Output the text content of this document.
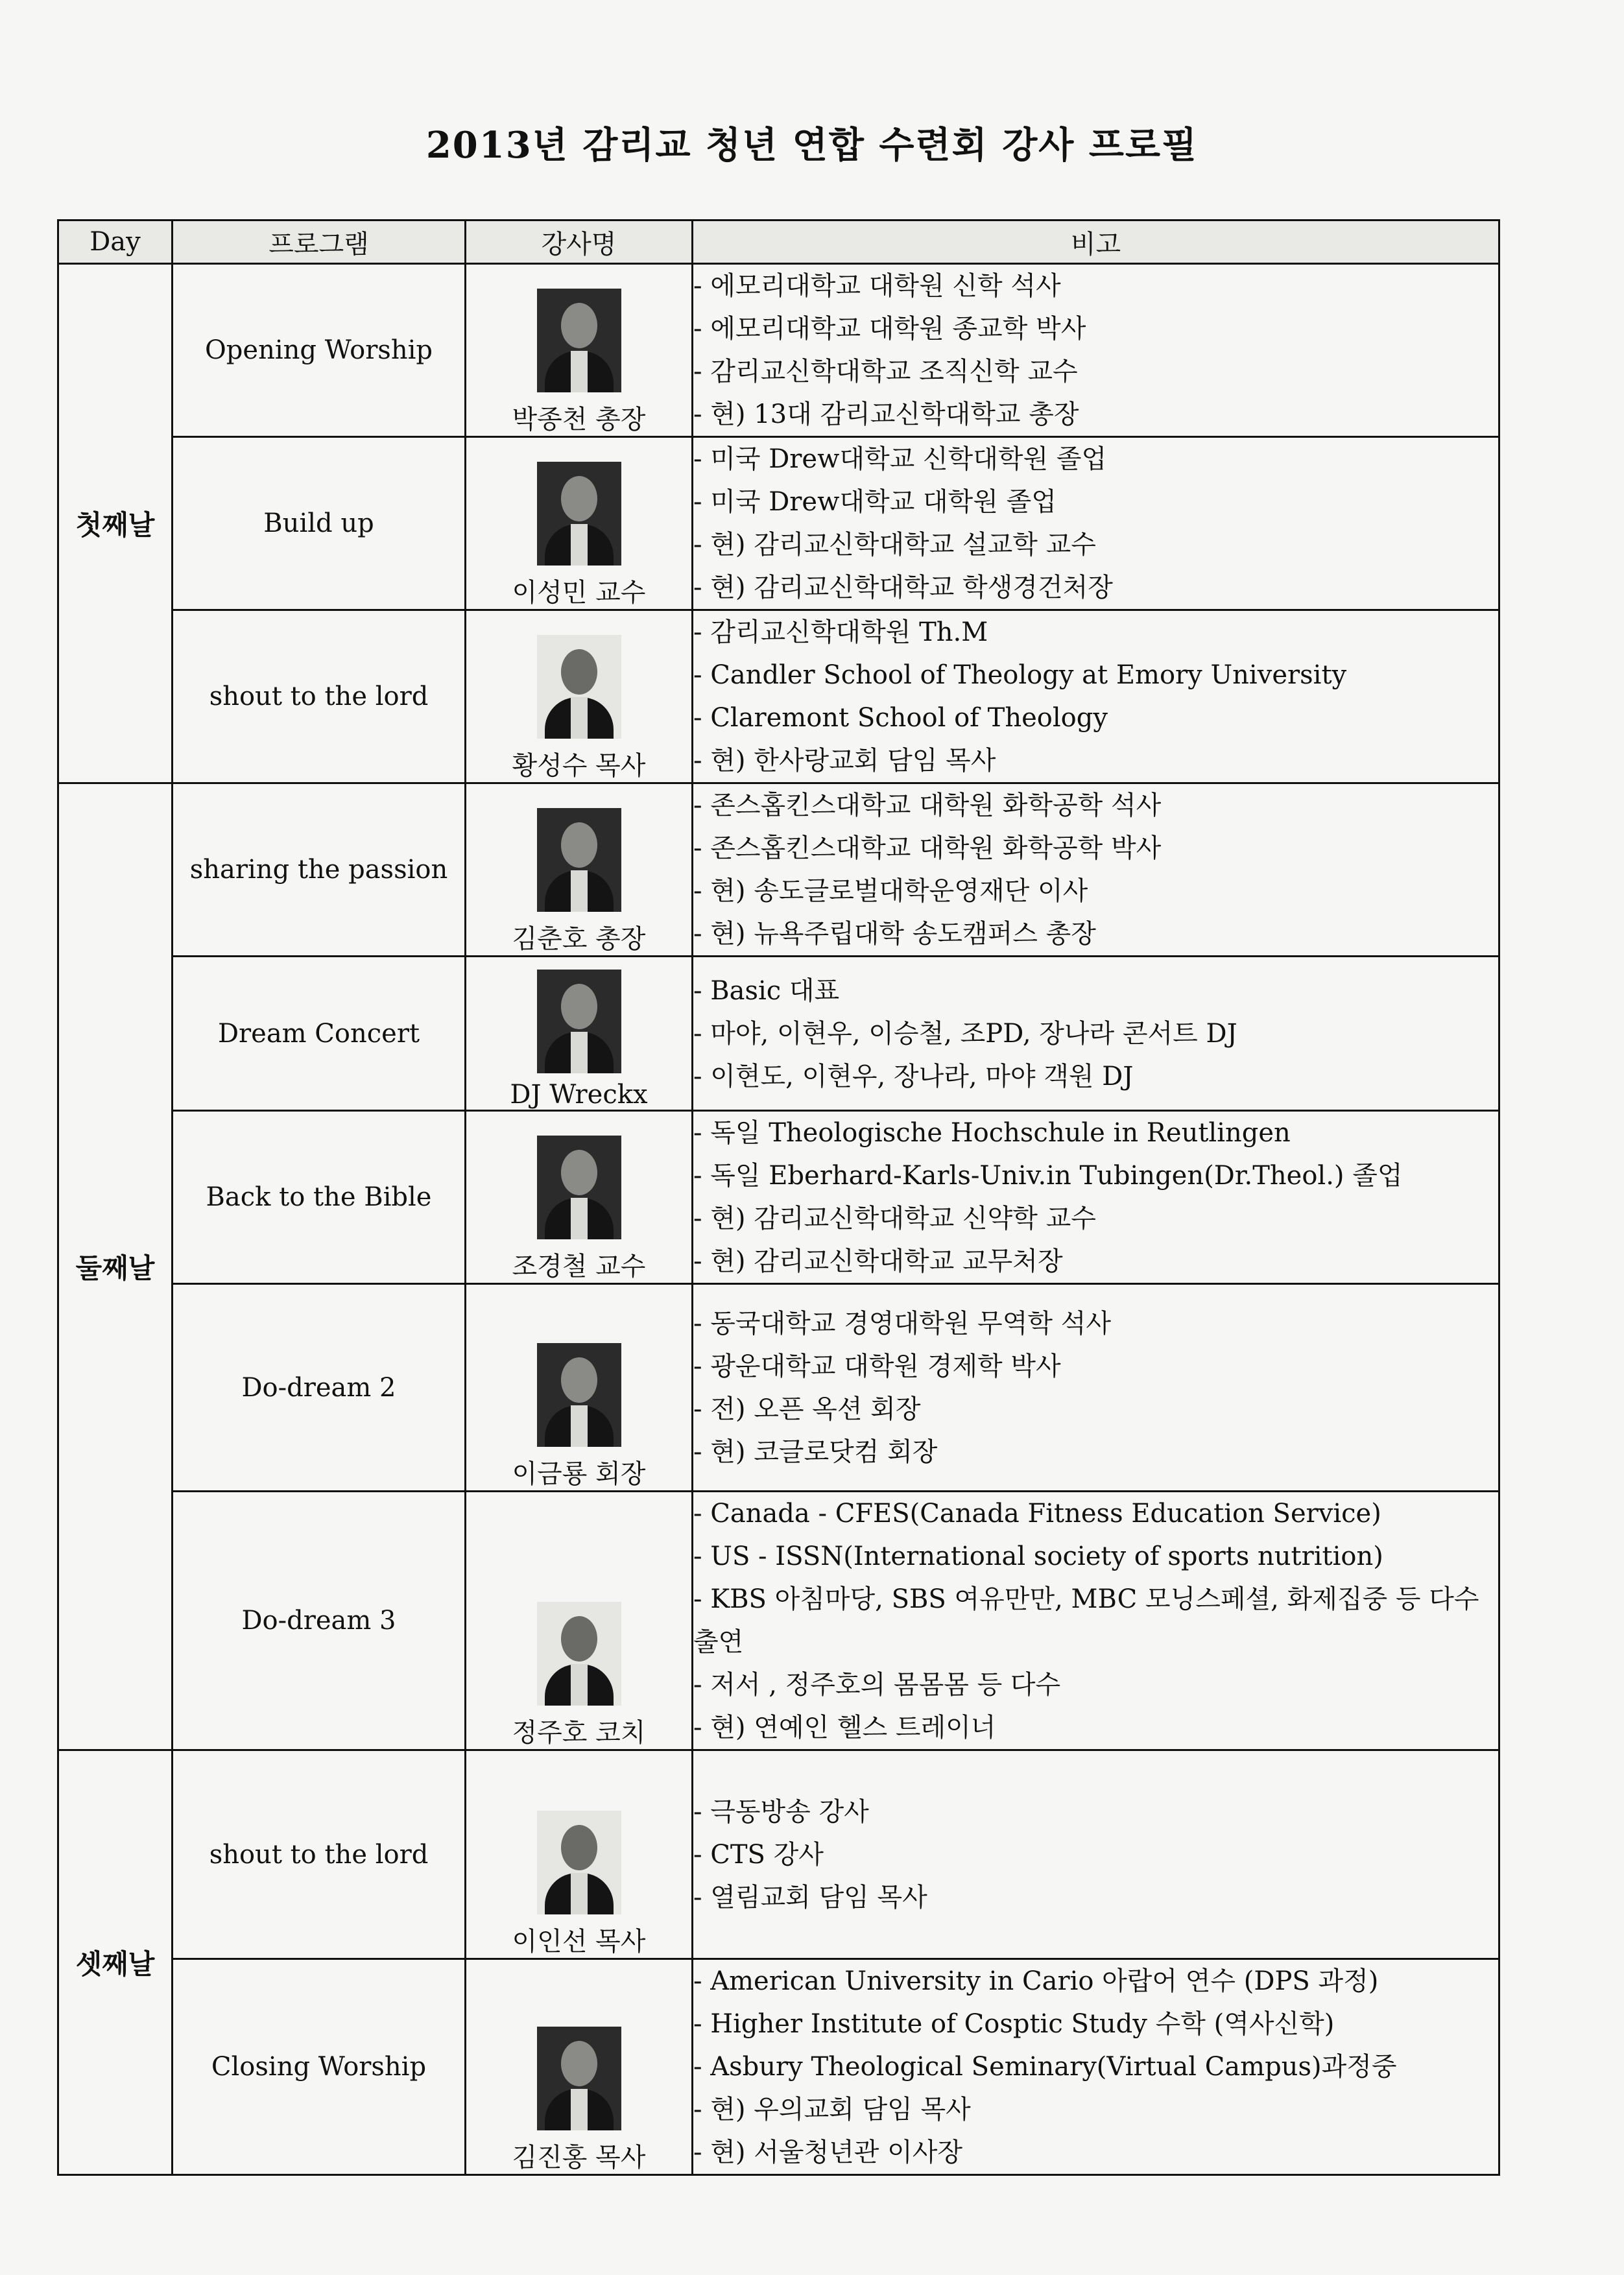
2013년 감리교 청년 연합 수련회 강사 프로필
Day	프로그램	강사명	비고
첫째날	Opening Worship	박종천 총장	- 에모리대학교 대학원 신학 석사
- 에모리대학교 대학원 종교학 박사
- 감리교신학대학교 조직신학 교수
- 현) 13대 감리교신학대학교 총장

	Build up	이성민 교수	- 미국 Drew대학교 신학대학원 졸업
- 미국 Drew대학교 대학원 졸업
- 현) 감리교신학대학교 설교학 교수
- 현) 감리교신학대학교 학생경건처장

	shout to the lord	황성수 목사	- 감리교신학대학원 Th.M
- Candler School of Theology at Emory University
- Claremont School of Theology
- 현) 한사랑교회 담임 목사

둘째날	sharing the passion	김춘호 총장	- 존스홉킨스대학교 대학원 화학공학 석사
- 존스홉킨스대학교 대학원 화학공학 박사
- 현) 송도글로벌대학운영재단 이사
- 현) 뉴욕주립대학 송도캠퍼스 총장

	Dream Concert	DJ Wreckx	- Basic 대표
- 마야, 이현우, 이승철, 조PD, 장나라 콘서트 DJ
- 이현도, 이현우, 장나라, 마야 객원 DJ

	Back to the Bible	조경철 교수	- 독일 Theologische Hochschule in Reutlingen
- 독일 Eberhard-Karls-Univ.in Tubingen(Dr.Theol.) 졸업
- 현) 감리교신학대학교 신약학 교수
- 현) 감리교신학대학교 교무처장

	Do-dream 2	이금룡 회장	- 동국대학교 경영대학원 무역학 석사
- 광운대학교 대학원 경제학 박사
- 전) 오픈 옥션 회장
- 현) 코글로닷컴 회장

	Do-dream 3	정주호 코치	- Canada - CFES(Canada Fitness Education Service)
- US - ISSN(International society of sports nutrition)
- KBS 아침마당, SBS 여유만만, MBC 모닝스페셜, 화제집중 등 다수 출연
- 저서 , 정주호의 몸몸몸 등 다수
- 현) 연예인 헬스 트레이너

셋째날	shout to the lord	이인선 목사	- 극동방송 강사
- CTS 강사
- 열림교회 담임 목사

	Closing Worship	김진홍 목사	- American University in Cario 아랍어 연수 (DPS 과정)
- Higher Institute of Cosptic Study 수학 (역사신학)
- Asbury Theological Seminary(Virtual Campus)과정중
- 현) 우의교회 담임 목사
- 현) 서울청년관 이사장
